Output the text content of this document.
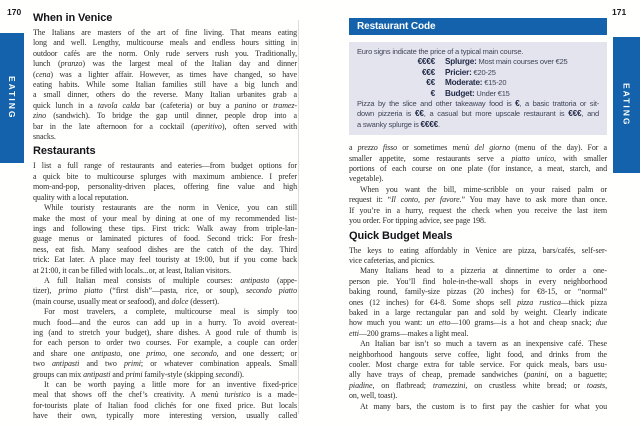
170
EATING
When in Venice
The Italians are masters of the art of fine living. That means eating
long and well. Lengthy, multicourse meals and endless hours sitting in
outdoor cafés are the norm. Only rude servers rush you. Traditionally,
lunch (pranzo) was the largest meal of the Italian day and dinner
(cena) was a lighter affair. However, as times have changed, so have
eating habits. While some Italian families still have a big lunch and
a small dinner, others do the reverse. Many Italian urbanites grab a
quick lunch in a tavola calda bar (cafeteria) or buy a panino or tramez-
zino (sandwich). To bridge the gap until dinner, people drop into a
bar in the late afternoon for a cocktail (aperitivo), often served with
snacks.
Restaurants
I list a full range of restaurants and eateries—from budget options for
a quick bite to multicourse splurges with maximum ambience. I prefer
mom-and-pop, personality-driven places, offering fine value and high
quality with a local reputation.
While touristy restaurants are the norm in Venice, you can still
make the most of your meal by dining at one of my recommended list-
ings and following these tips. First trick: Walk away from triple-lan-
guage menus or laminated pictures of food. Second trick: For fresh-
ness, eat fish. Many seafood dishes are the catch of the day. Third
trick: Eat later. A place may feel touristy at 19:00, but if you come back
at 21:00, it can be filled with locals...or, at least, Italian visitors.
A full Italian meal consists of multiple courses: antipasto (appe-
tizer), primo piatto (“first dish”—pasta, rice, or soup), secondo piatto
(main course, usually meat or seafood), and dolce (dessert).
For most travelers, a complete, multicourse meal is simply too
much food—and the euros can add up in a hurry. To avoid overeat-
ing (and to stretch your budget), share dishes. A good rule of thumb is
for each person to order two courses. For example, a couple can order
and share one antipasto, one primo, one secondo, and one dessert; or
two antipasti and two primi; or whatever combination appeals. Small
groups can mix antipasti and primi family-style (skipping secondi).
It can be worth paying a little more for an inventive fixed-price
meal that shows off the chef’s creativity. A menù turistico is a made-
for-tourists plate of Italian food clichés for one fixed price. But locals
have their own, typically more interesting version, usually called
Restaurant Code
Euro signs indicate the price of a typical main course.
€€€€ Splurge: Most main courses over €25
€€€ Pricier: €20-25
€€ Moderate: €15-20
€ Budget: Under €15
Pizza by the slice and other takeaway food is €, a basic trattoria or sit-
down pizzeria is €€, a casual but more upscale restaurant is €€€, and
a swanky splurge is €€€€.
a prezzo fisso or sometimes menù del giorno (menu of the day). For a
smaller appetite, some restaurants serve a piatto unico, with smaller
portions of each course on one plate (for instance, a meat, starch, and
vegetable).
When you want the bill, mime-scribble on your raised palm or
request it: “Il conto, per favore.” You may have to ask more than once.
If you’re in a hurry, request the check when you receive the last item
you order. For tipping advice, see page 198.
Quick Budget Meals
The keys to eating affordably in Venice are pizza, bars/cafés, self-ser-
vice cafeterias, and picnics.
Many Italians head to a pizzeria at dinnertime to order a one-
person pie. You’ll find hole-in-the-wall shops in every neighborhood
baking round, family-size pizzas (20 inches) for €8-15, or “normal”
ones (12 inches) for €4-8. Some shops sell pizza rustica—thick pizza
baked in a large rectangular pan and sold by weight. Clearly indicate
how much you want: un etto—100 grams—is a hot and cheap snack; due
etti—200 grams—makes a light meal.
An Italian bar isn’t so much a tavern as an inexpensive café. These
neighborhood hangouts serve coffee, light food, and drinks from the
cooler. Most charge extra for table service. For quick meals, bars usu-
ally have trays of cheap, premade sandwiches (panini, on a baguette;
piadine, on flatbread; tramezzini, on crustless white bread; or toasts,
on, well, toast).
At many bars, the custom is to first pay the cashier for what you
EATING
171
